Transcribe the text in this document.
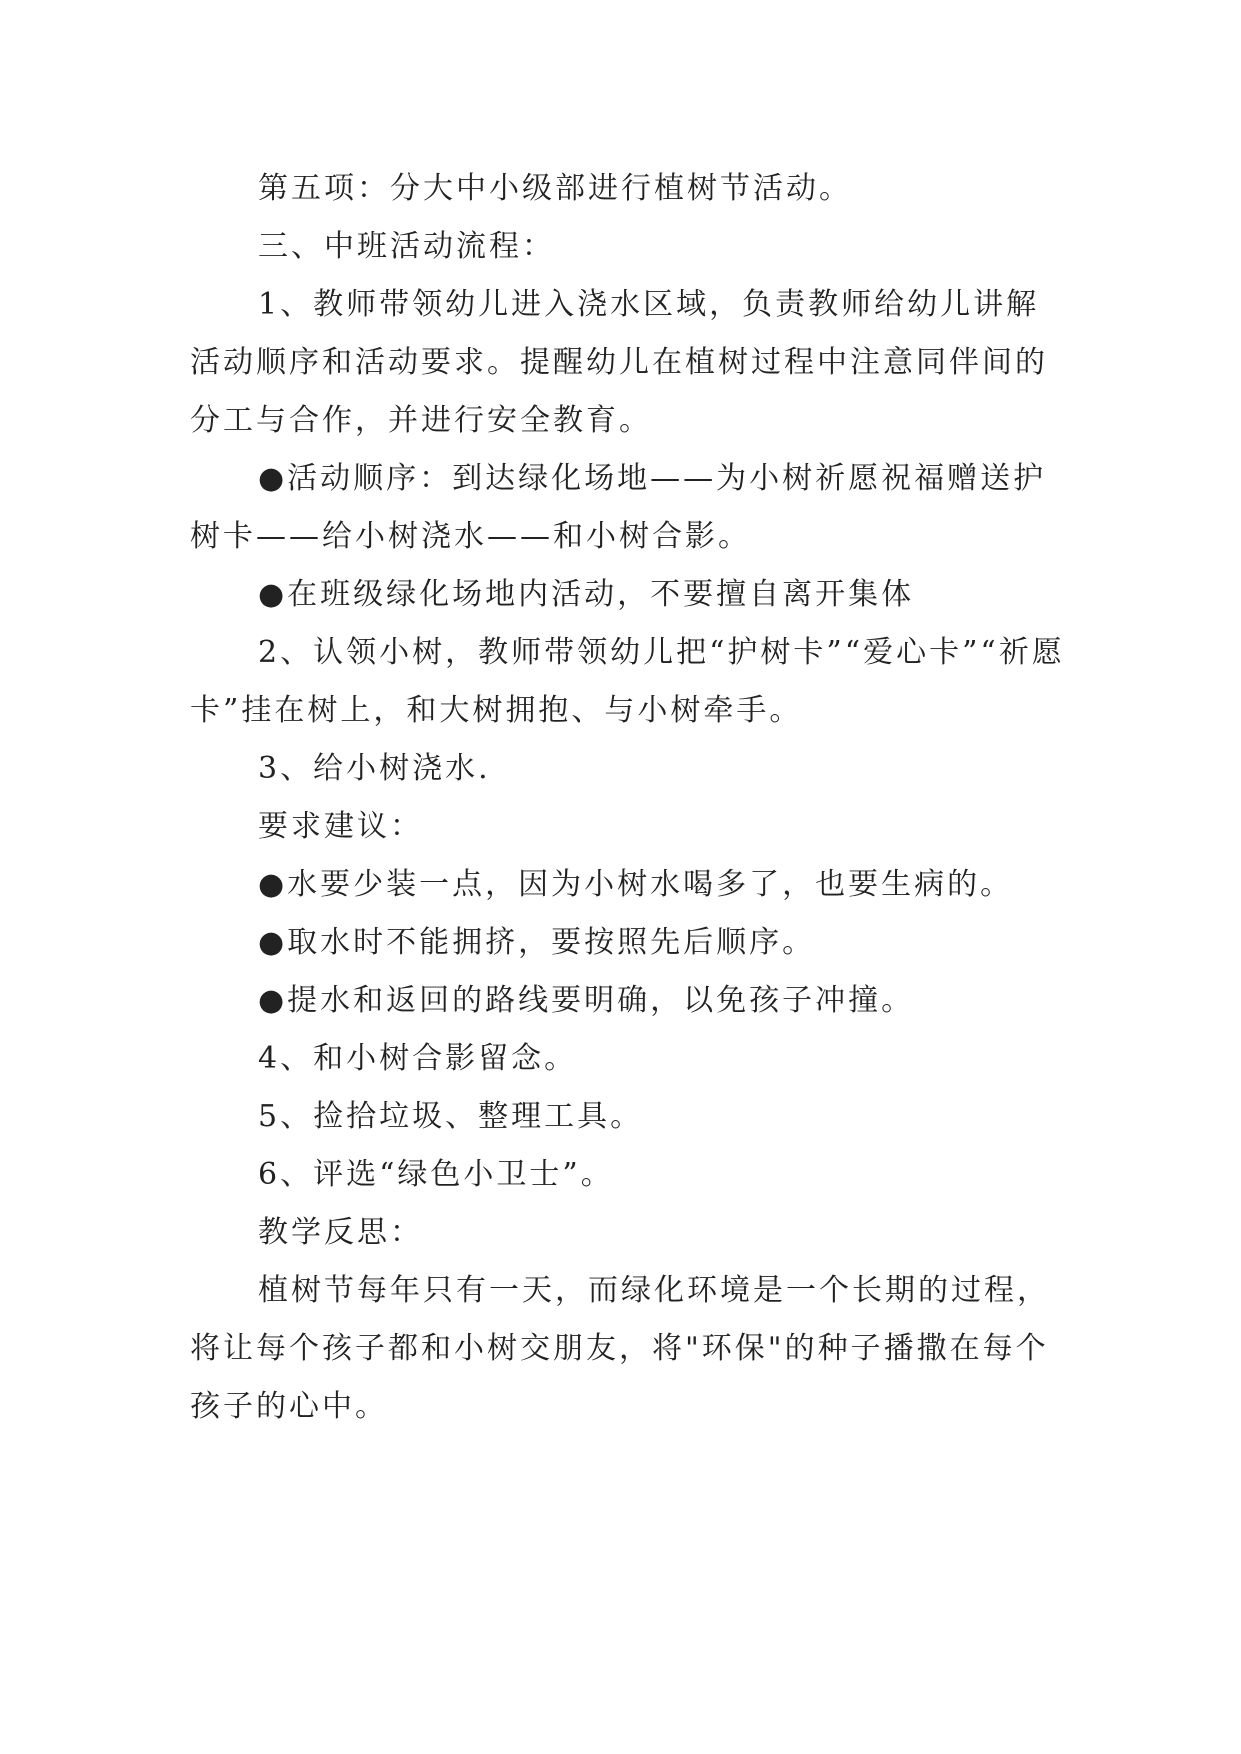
第五项：分大中小级部进行植树节活动。

三、中班活动流程：

1、教师带领幼儿进入浇水区域，负责教师给幼儿讲解活动顺序和活动要求。提醒幼儿在植树过程中注意同伴间的分工与合作，并进行安全教育。

●活动顺序：到达绿化场地——为小树祈愿祝福赠送护树卡——给小树浇水——和小树合影。

●在班级绿化场地内活动，不要擅自离开集体

2、认领小树，教师带领幼儿把“护树卡”“爱心卡”“祈愿卡”挂在树上，和大树拥抱、与小树牵手。

3、给小树浇水.

要求建议：

●水要少装一点，因为小树水喝多了，也要生病的。

●取水时不能拥挤，要按照先后顺序。

●提水和返回的路线要明确，以免孩子冲撞。

4、和小树合影留念。

5、捡拾垃圾、整理工具。

6、评选“绿色小卫士”。

教学反思：

植树节每年只有一天，而绿化环境是一个长期的过程，将让每个孩子都和小树交朋友，将"环保"的种子播撒在每个孩子的心中。
